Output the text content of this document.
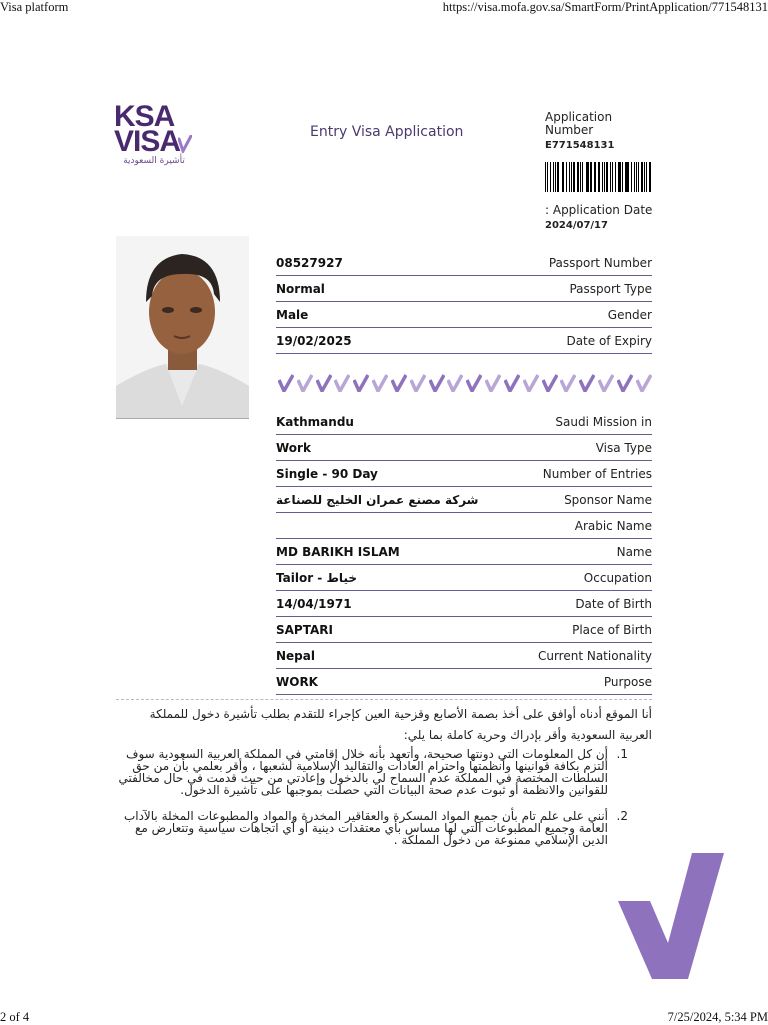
Visa platform	https://visa.mofa.gov.sa/SmartForm/PrintApplication/771548131
KSA
VISA
تأشيرة السعودية
Entry Visa Application
Application
Number
E771548131
: Application Date
2024/07/17
08527927	Passport Number
Normal	Passport Type
Male	Gender
19/02/2025	Date of Expiry
Kathmandu	Saudi Mission in
Work	Visa Type
Single - 90 Day	Number of Entries
شركة مصنع عمران الخليج للصناعة	Sponsor Name
Arabic Name
MD BARIKH ISLAM	Name
Tailor - خياط	Occupation
14/04/1971	Date of Birth
SAPTARI	Place of Birth
Nepal	Current Nationality
WORK	Purpose
أنا الموقع أدناه أوافق على أخذ بصمة الأصابع وقزحية العين كإجراء للتقدم بطلب تأشيرة دخول للمملكة العربية السعودية وأقر بإدراك وحرية كاملة بما يلي:
1.
أن كل المعلومات التي دونتها صحيحة، وأتعهد بأنه خلال إقامتي في المملكة العربية السعودية سوف ألتزم بكافة قوانينها وأنظمتها واحترام العادات والتقاليد الإسلامية لشعبها ، وأقر بعلمي بأن من حق السلطات المختصة في المملكة عدم السماح لي بالدخول وإعادتي من حيث قدمت في حال مخالفتي للقوانين والانظمة أو ثبوت عدم صحة البيانات التي حصلت بموجبها على تأشيرة الدخول.
2.
أنني على علم تام بأن جميع المواد المسكرة والعقاقير المخدرة والمواد والمطبوعات المخلة بالآداب العامة وجميع المطبوعات التي لها مساس بأي معتقدات دينية أو أي اتجاهات سياسية وتتعارض مع الدين الإسلامي ممنوعة من دخول المملكة .
2 of 4	7/25/2024, 5:34 PM
